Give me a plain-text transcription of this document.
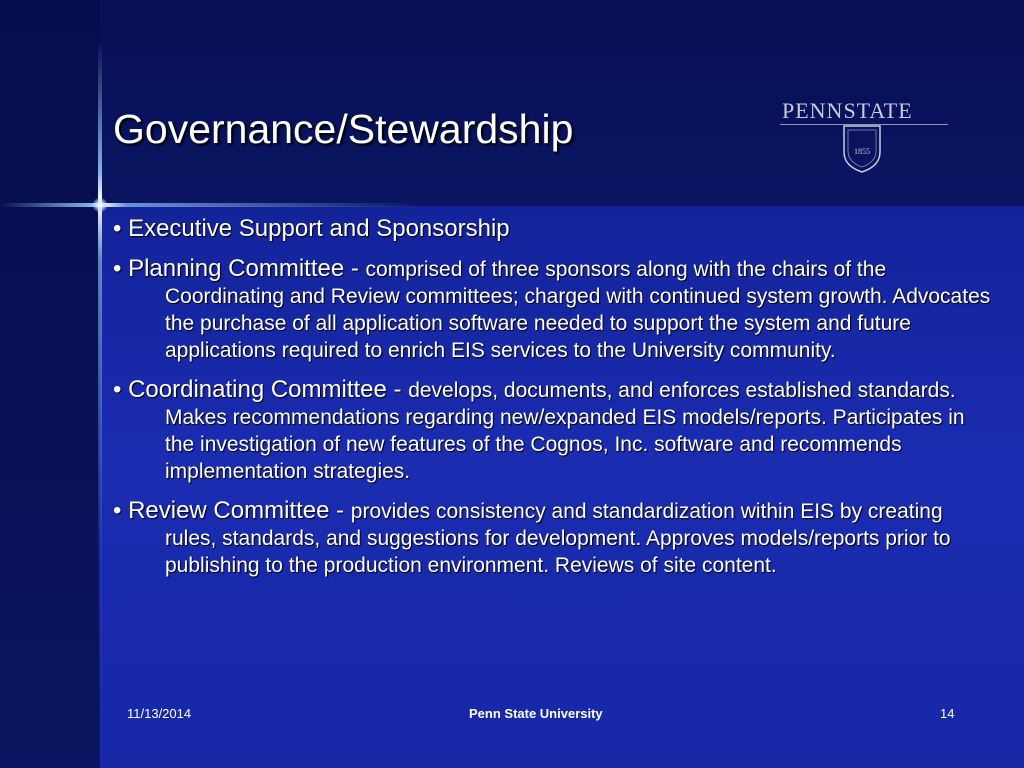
Governance/Stewardship	PENNSTATE
1855

• Executive Support and Sponsorship

• Planning Committee - comprised of three sponsors along with the chairs of the Coordinating and Review committees; charged with continued system growth. Advocates the purchase of all application software needed to support the system and future applications required to enrich EIS services to the University community.

• Coordinating Committee - develops, documents, and enforces established standards. Makes recommendations regarding new/expanded EIS models/reports. Participates in the investigation of new features of the Cognos, Inc. software and recommends implementation strategies.

• Review Committee - provides consistency and standardization within EIS by creating rules, standards, and suggestions for development. Approves models/reports prior to publishing to the production environment. Reviews of site content.

11/13/2014	Penn State University	14
